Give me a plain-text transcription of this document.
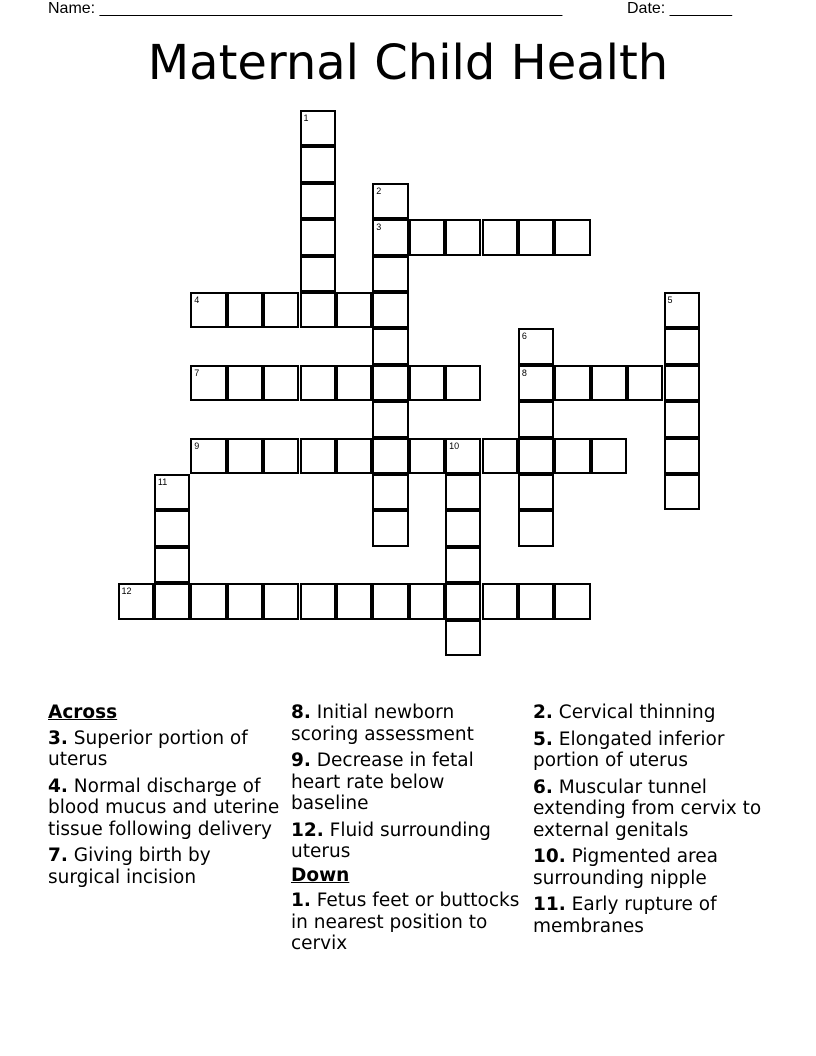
Name: ____________________________________________________	Date: _______
Maternal Child Health
1
2
3
4	5
6
8
7
9	10
11
12
Across
3. Superior portion of uterus
4. Normal discharge of blood mucus and uterine tissue following delivery
7. Giving birth by surgical incision
8. Initial newborn scoring assessment
9. Decrease in fetal heart rate below baseline
12. Fluid surrounding uterus
Down
1. Fetus feet or buttocks in nearest position to cervix
2. Cervical thinning
5. Elongated inferior portion of uterus
6. Muscular tunnel extending from cervix to external genitals
10. Pigmented area surrounding nipple
11. Early rupture of membranes
